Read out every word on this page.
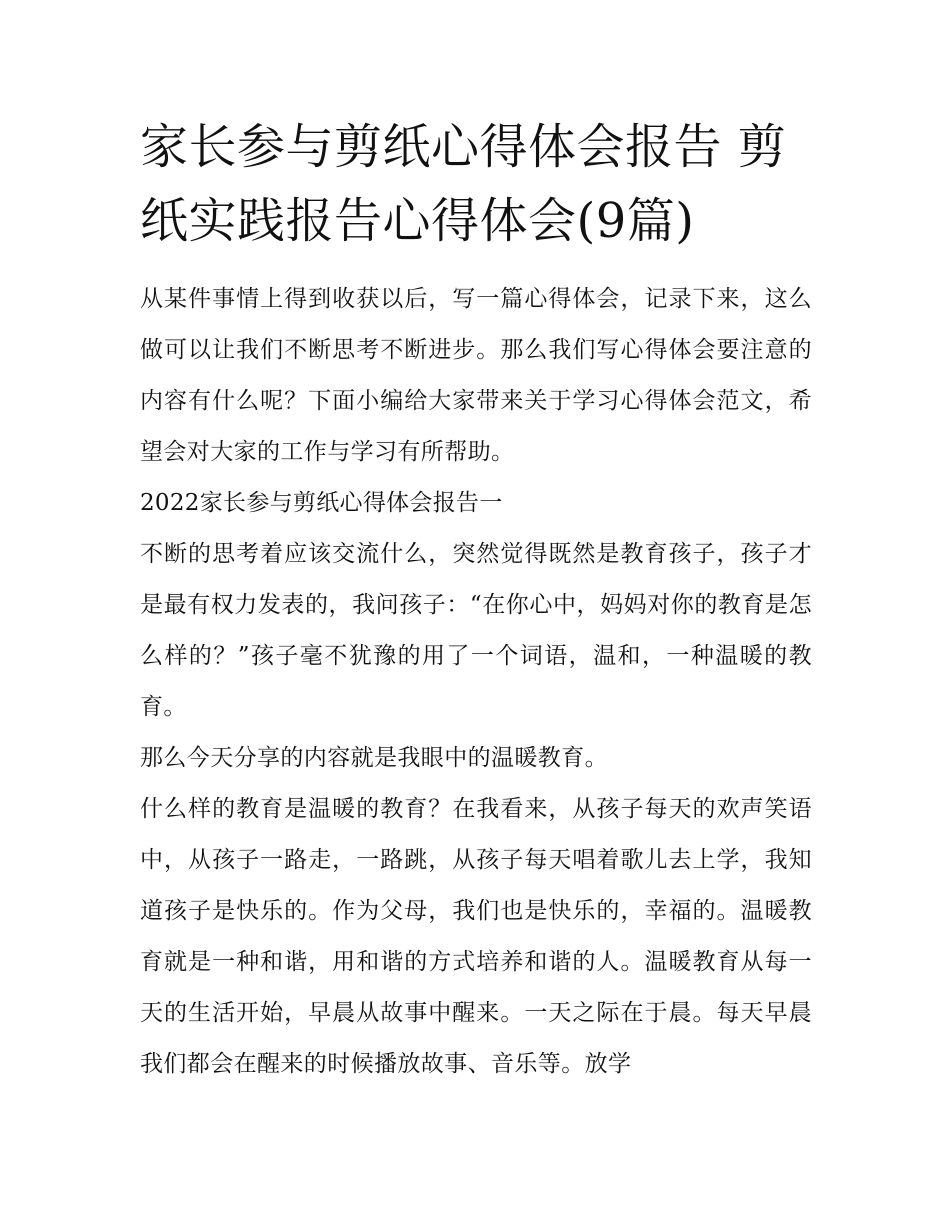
家长参与剪纸心得体会报告 剪纸实践报告心得体会(9篇)

从某件事情上得到收获以后，写一篇心得体会，记录下来，这么做可以让我们不断思考不断进步。那么我们写心得体会要注意的内容有什么呢？下面小编给大家带来关于学习心得体会范文，希望会对大家的工作与学习有所帮助。

2022家长参与剪纸心得体会报告一

不断的思考着应该交流什么，突然觉得既然是教育孩子，孩子才是最有权力发表的，我问孩子：“在你心中，妈妈对你的教育是怎么样的？”孩子毫不犹豫的用了一个词语，温和，一种温暖的教育。

那么今天分享的内容就是我眼中的温暖教育。

什么样的教育是温暖的教育？在我看来，从孩子每天的欢声笑语中，从孩子一路走，一路跳，从孩子每天唱着歌儿去上学，我知道孩子是快乐的。作为父母，我们也是快乐的，幸福的。温暖教育就是一种和谐，用和谐的方式培养和谐的人。温暖教育从每一天的生活开始，早晨从故事中醒来。一天之际在于晨。每天早晨我们都会在醒来的时候播放故事、音乐等。放学
